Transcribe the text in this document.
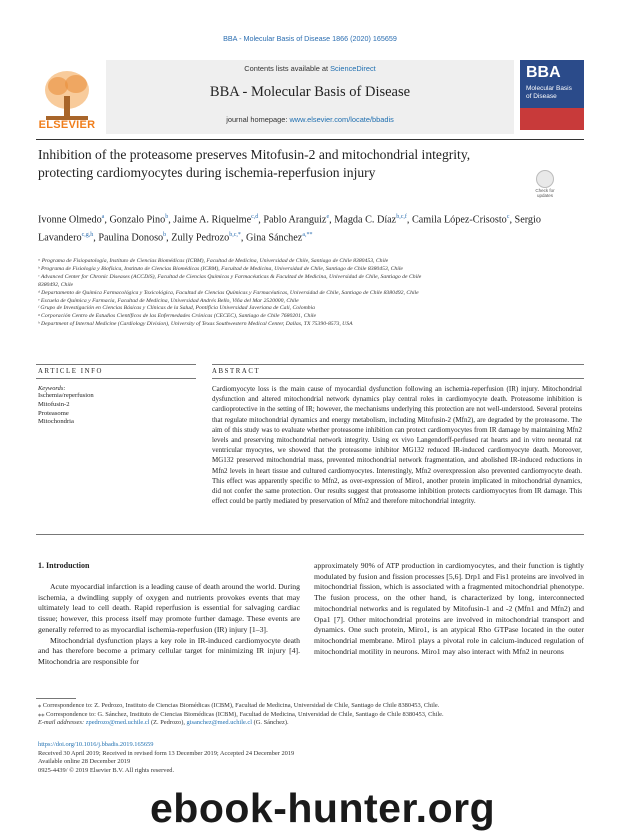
BBA - Molecular Basis of Disease 1866 (2020) 165659
ELSEVIER
Contents lists available at ScienceDirect
BBA - Molecular Basis of Disease
journal homepage: www.elsevier.com/locate/bbadis
BBA
Molecular Basis of Disease
Inhibition of the proteasome preserves Mitofusin-2 and mitochondrial integrity, protecting cardiomyocytes during ischemia-reperfusion injury
Check for updates
Ivonne Olmedo$^a$, Gonzalo Pino$^b$, Jaime A. Riquelme$^{c,d}$, Pablo Aranguiz$^e$, Magda C. Díaz$^{b,c,f}$, Camila López-Crisosto$^c$, Sergio Lavandero$^{c,g,h}$, Paulina Donoso$^b$, Zully Pedrozo$^{b,c,*}$, Gina Sánchez$^{a,**}$
ᵃ Programa de Fisiopatología, Instituto de Ciencias Biomédicas (ICBM), Facultad de Medicina, Universidad de Chile, Santiago de Chile 8380453, Chile
ᵇ Programa de Fisiología y Biofísica, Instituto de Ciencias Biomédicas (ICBM), Facultad de Medicina, Universidad de Chile, Santiago de Chile 8380453, Chile
ᶜ Advanced Center for Chronic Diseases (ACCDiS), Facultad de Ciencias Químicas y Farmacéuticas & Facultad de Medicina, Universidad de Chile, Santiago de Chile
8380492, Chile
ᵈ Departamento de Química Farmacológica y Toxicológica, Facultad de Ciencias Químicas y Farmacéuticas, Universidad de Chile, Santiago de Chile 8380492, Chile
ᵉ Escuela de Química y Farmacia, Facultad de Medicina, Universidad Andrés Bello, Viña del Mar 2520000, Chile
ᶠ Grupo de Investigación en Ciencias Básicas y Clínicas de la Salud, Pontificia Universidad Javeriana de Cali, Colombia
ᵍ Corporación Centro de Estudios Científicos de las Enfermedades Crónicas (CECEC), Santiago de Chile 7680201, Chile
ʰ Department of Internal Medicine (Cardiology Division), University of Texas Southwestern Medical Center, Dallas, TX 75390-8573, USA
ARTICLE INFO	ABSTRACT
Keywords:
Ischemia/reperfusion
Mitofusin-2
Proteasome
Mitochondria
Cardiomyocyte loss is the main cause of myocardial dysfunction following an ischemia-reperfusion (IR) injury. Mitochondrial dysfunction and altered mitochondrial network dynamics play central roles in cardiomyocyte death. Proteasome inhibition is cardioprotective in the setting of IR; however, the mechanisms underlying this protection are not well-understood. Several proteins that regulate mitochondrial dynamics and energy metabolism, including Mitofusin-2 (Mfn2), are degraded by the proteasome. The aim of this study was to evaluate whether proteasome inhibition can protect cardiomyocytes from IR damage by maintaining Mfn2 levels and preserving mitochondrial network integrity. Using ex vivo Langendorff-perfused rat hearts and in vitro neonatal rat ventricular myocytes, we showed that the proteasome inhibitor MG132 reduced IR-induced cardiomyocyte death. Moreover, MG132 preserved mitochondrial mass, prevented mitochondrial network fragmentation, and abolished IR-induced reductions in Mfn2 levels in heart tissue and cultured cardiomyocytes. Interestingly, Mfn2 overexpression also prevented cardiomyocyte death. This effect was apparently specific to Mfn2, as over-expression of Miro1, another protein implicated in mitochondrial dynamics, did not confer the same protection. Our results suggest that proteasome inhibition protects cardiomyocytes from IR damage. This effect could be partly mediated by preservation of Mfn2 and therefore mitochondrial integrity.
1. Introduction

Acute myocardial infarction is a leading cause of death around the world. During ischemia, a dwindling supply of oxygen and nutrients provokes events that may ultimately lead to cell death. Rapid reperfusion is essential for salvaging cardiac tissue; however, this process itself may promote further damage. These events are generally referred to as myocardial ischemia-reperfusion (IR) injury [1–3].

Mitochondrial dysfunction plays a key role in IR-induced cardiomyocyte death and has therefore become a primary cellular target for minimizing IR injury [4]. Mitochondria are responsible for

approximately 90% of ATP production in cardiomyocytes, and their function is tightly modulated by fusion and fission processes [5,6]. Drp1 and Fis1 proteins are involved in mitochondrial fission, which is associated with a fragmented mitochondrial phenotype. The fusion process, on the other hand, is characterized by long, interconnected mitochondrial networks and is regulated by Mitofusin-1 and -2 (Mfn1 and Mfn2) and Opa1 [7]. Other mitochondrial proteins are involved in mitochondrial transport and dynamics. One such protein, Miro1, is an atypical Rho GTPase located in the outer mitochondrial membrane. Miro1 plays a pivotal role in calcium-induced regulation of mitochondrial motility in neurons. Miro1 may also interact with Mfn2 in neurons

⁎ Correspondence to: Z. Pedrozo, Instituto de Ciencias Biomédicas (ICBM), Facultad de Medicina, Universidad de Chile, Santiago de Chile 8380453, Chile.
⁎⁎ Correspondence to: G. Sánchez, Instituto de Ciencias Biomédicas (ICBM), Facultad de Medicina, Universidad de Chile, Santiago de Chile 8380453, Chile.
E-mail addresses: zpedrozo@med.uchile.cl (Z. Pedrozo), gisanchez@med.uchile.cl (G. Sánchez).
https://doi.org/10.1016/j.bbadis.2019.165659
Received 30 April 2019; Received in revised form 13 December 2019; Accepted 24 December 2019
Available online 28 December 2019
0925-4439/ © 2019 Elsevier B.V. All rights reserved.
ebook-hunter.org
